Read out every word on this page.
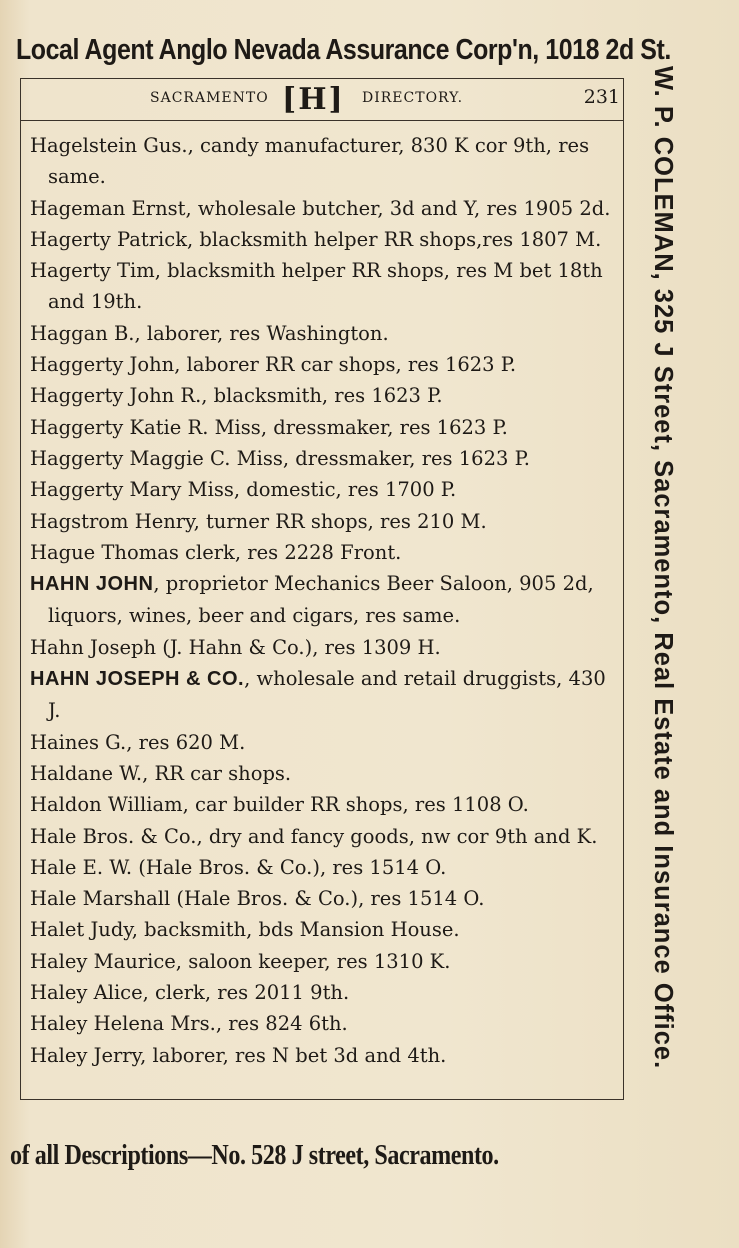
Local Agent Anglo Nevada Assurance Corp'n, 1018 2d St.
SACRAMENTO [H] DIRECTORY.	231
Hagelstein Gus., candy manufacturer, 830 K cor 9th, res same.
Hageman Ernst, wholesale butcher, 3d and Y, res 1905 2d.
Hagerty Patrick, blacksmith helper RR shops,res 1807 M.
Hagerty Tim, blacksmith helper RR shops, res M bet 18th and 19th.
Haggan B., laborer, res Washington.
Haggerty John, laborer RR car shops, res 1623 P.
Haggerty John R., blacksmith, res 1623 P.
Haggerty Katie R. Miss, dressmaker, res 1623 P.
Haggerty Maggie C. Miss, dressmaker, res 1623 P.
Haggerty Mary Miss, domestic, res 1700 P.
Hagstrom Henry, turner RR shops, res 210 M.
Hague Thomas clerk, res 2228 Front.
HAHN JOHN, proprietor Mechanics Beer Saloon, 905 2d, liquors, wines, beer and cigars, res same.
Hahn Joseph (J. Hahn & Co.), res 1309 H.
HAHN JOSEPH & CO., wholesale and retail druggists, 430 J.
Haines G., res 620 M.
Haldane W., RR car shops.
Haldon William, car builder RR shops, res 1108 O.
Hale Bros. & Co., dry and fancy goods, nw cor 9th and K.
Hale E. W. (Hale Bros. & Co.), res 1514 O.
Hale Marshall (Hale Bros. & Co.), res 1514 O.
Halet Judy, backsmith, bds Mansion House.
Haley Maurice, saloon keeper, res 1310 K.
Haley Alice, clerk, res 2011 9th.
Haley Helena Mrs., res 824 6th.
Haley Jerry, laborer, res N bet 3d and 4th.	W. P. COLEMAN, 325 J Street, Sacramento, Real Estate and Insurance Office.
of all Descriptions—No. 528 J street, Sacramento.
